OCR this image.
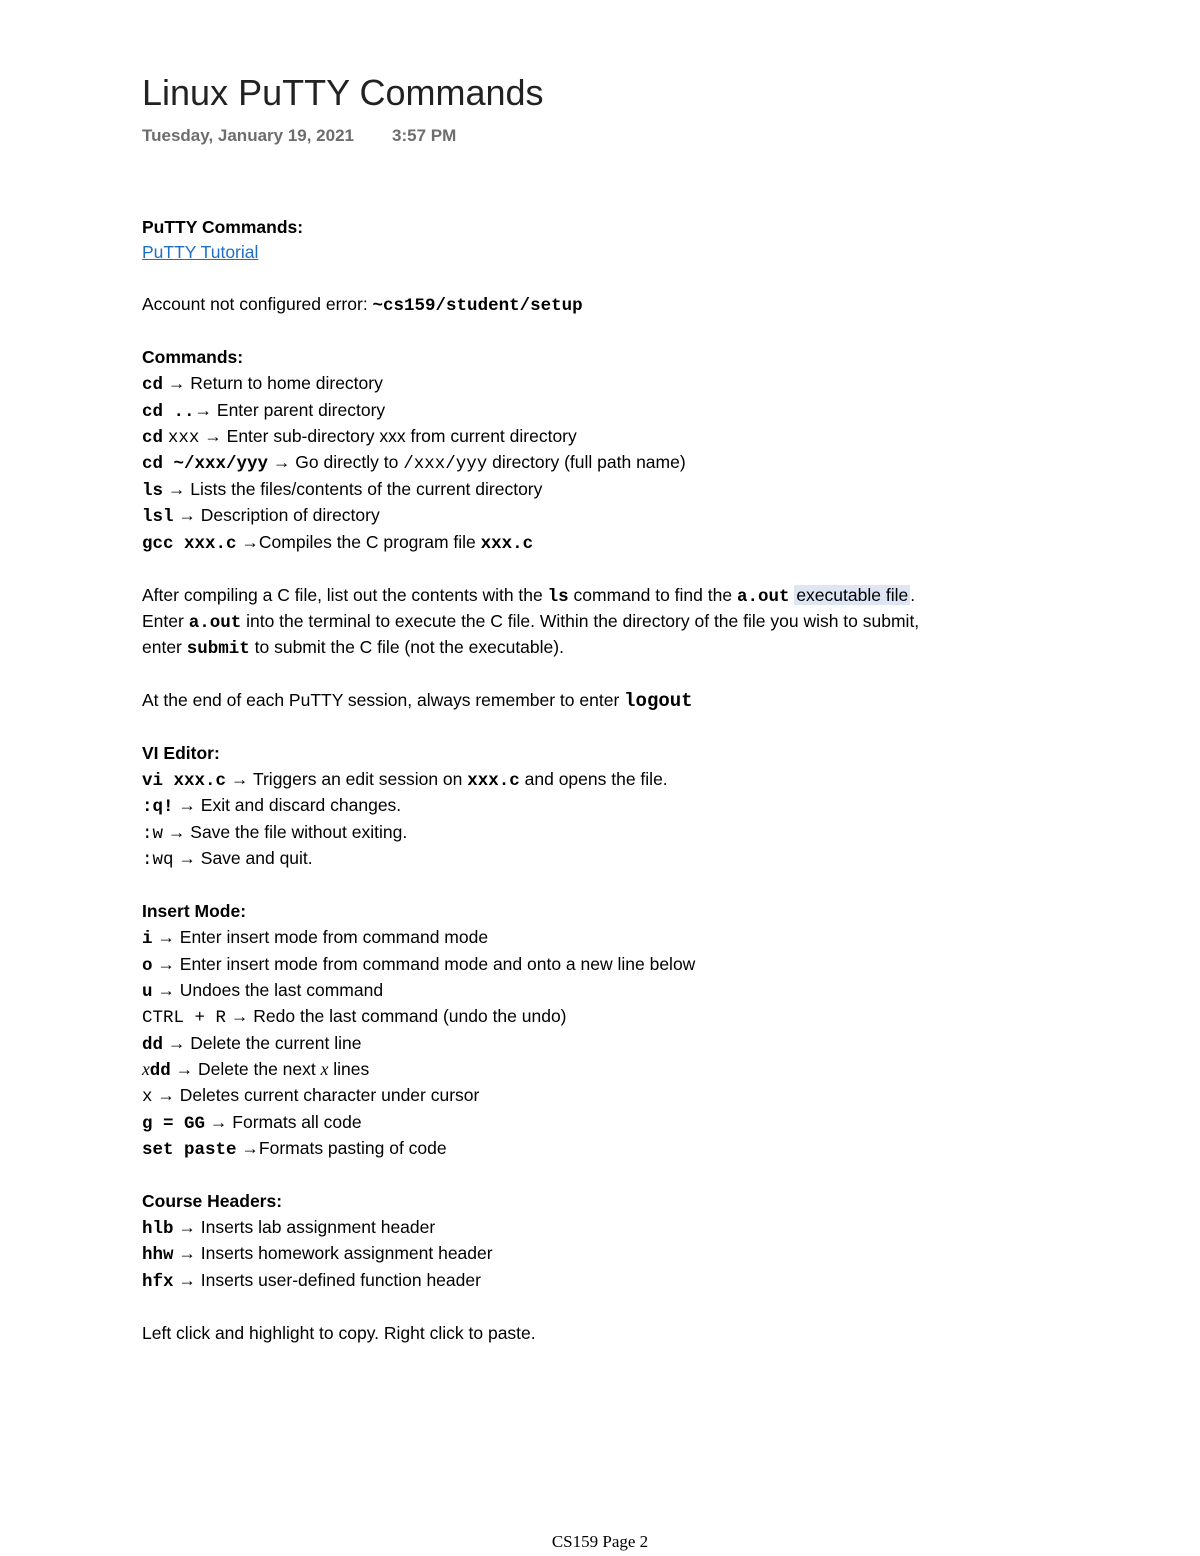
Linux PuTTY Commands
Tuesday, January 19, 2021 3:57 PM
PuTTY Commands:
PuTTY Tutorial
Account not configured error: ~cs159/student/setup
Commands:
cd → Return to home directory
cd ..→ Enter parent directory
cd xxx → Enter sub-directory xxx from current directory
cd ~/xxx/yyy → Go directly to /xxx/yyy directory (full path name)
ls → Lists the files/contents of the current directory
lsl → Description of directory
gcc xxx.c →Compiles the C program file xxx.c
After compiling a C file, list out the contents with the ls command to find the a.out executable file .
Enter a.out into the terminal to execute the C file. Within the directory of the file you wish to submit,
enter submit to submit the C file (not the executable).
At the end of each PuTTY session, always remember to enter logout
VI Editor:
vi xxx.c → Triggers an edit session on xxx.c and opens the file.
:q! → Exit and discard changes.
:w → Save the file without exiting.
:wq → Save and quit.
Insert Mode:
i → Enter insert mode from command mode
o → Enter insert mode from command mode and onto a new line below
u → Undoes the last command
CTRL + R → Redo the last command (undo the undo)
dd → Delete the current line
xdd → Delete the next x lines
x → Deletes current character under cursor
g = GG → Formats all code
set paste →Formats pasting of code
Course Headers:
hlb → Inserts lab assignment header
hhw → Inserts homework assignment header
hfx → Inserts user-defined function header
Left click and highlight to copy. Right click to paste.
CS159 Page 2
